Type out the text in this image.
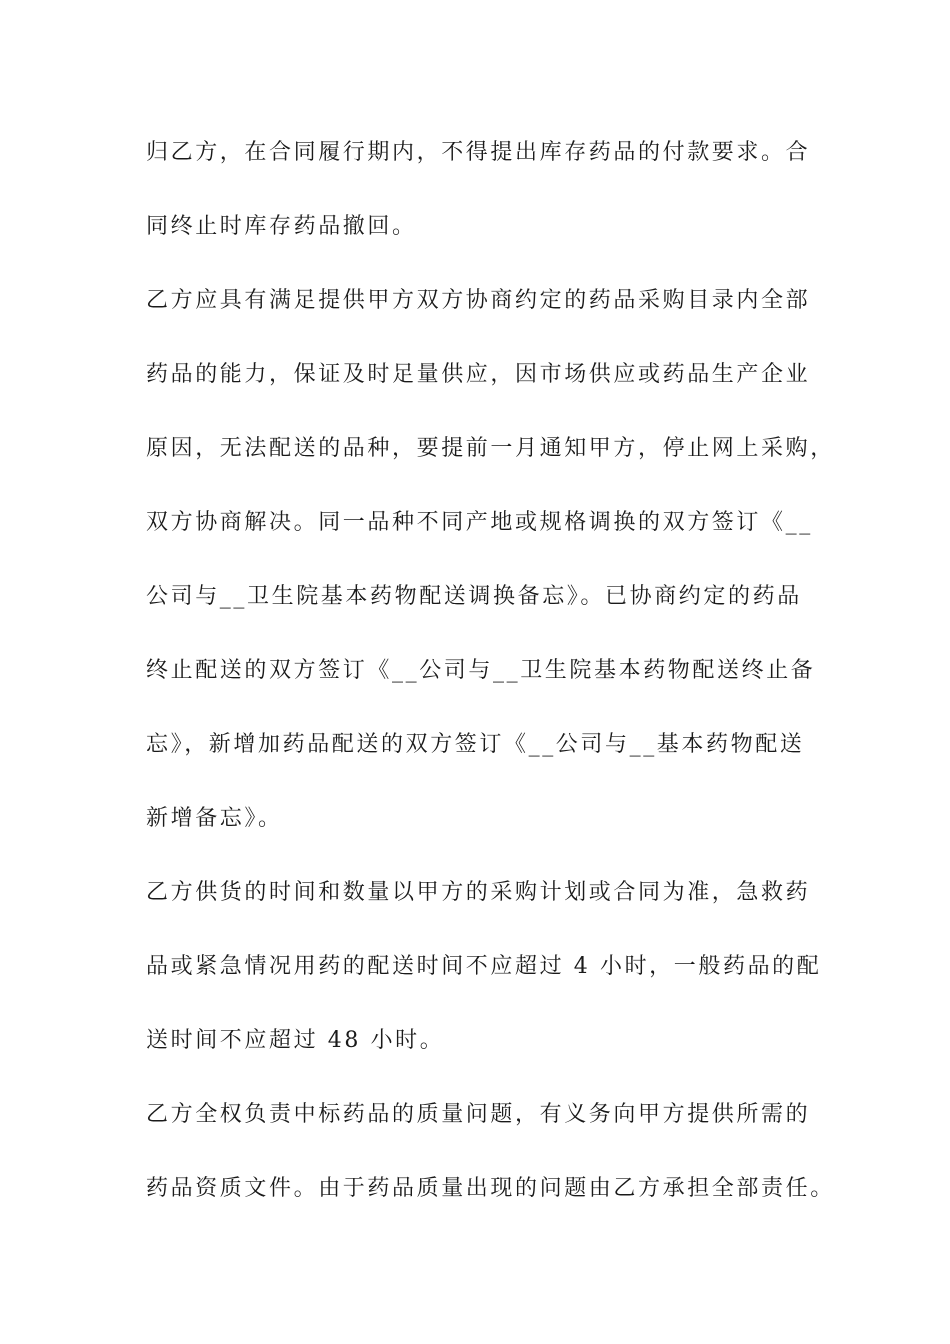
归乙方，在合同履行期内，不得提出库存药品的付款要求。合
同终止时库存药品撤回。
乙方应具有满足提供甲方双方协商约定的药品采购目录内全部
药品的能力，保证及时足量供应，因市场供应或药品生产企业
原因，无法配送的品种，要提前一月通知甲方，停止网上采购，
双方协商解决。同一品种不同产地或规格调换的双方签订《__
公司与__卫生院基本药物配送调换备忘》。已协商约定的药品
终止配送的双方签订《__公司与__卫生院基本药物配送终止备
忘》，新增加药品配送的双方签订《__公司与__基本药物配送
新增备忘》。
乙方供货的时间和数量以甲方的采购计划或合同为准，急救药
品或紧急情况用药的配送时间不应超过 4 小时，一般药品的配
送时间不应超过 48 小时。
乙方全权负责中标药品的质量问题，有义务向甲方提供所需的
药品资质文件。由于药品质量出现的问题由乙方承担全部责任。
